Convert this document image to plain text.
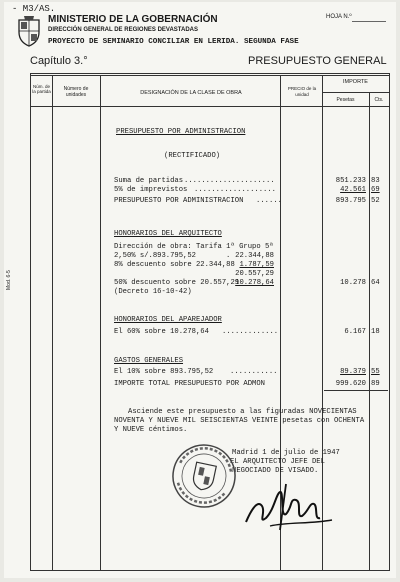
- M3/AS.
MINISTERIO DE LA GOBERNACIÓN
DIRECCIÓN GENERAL DE REGIONES DEVASTADAS
PROYECTO DE SEMINARIO CONCILIAR EN LERIDA. SEGUNDA FASE
HOJA N.º
Capítulo 3.°	PRESUPUESTO GENERAL
Núm. de la partida	Número de unidades	DESIGNACIÓN DE LA CLASE DE OBRA
PRECIO de la unidad
IMPORTE
Pesetas	Cts.
Mod. 6-5
PRESUPUESTO POR ADMINISTRACION
(RECTIFICADO)
Suma de partidas .....................	851.233 83
5% de imprevistos ...................	42.561 69
PRESUPUESTO POR ADMINISTRACION ......	893.795 52
HONORARIOS DEL ARQUITECTO
Dirección de obra: Tarifa 1ª Grupo 5ª
2,50% s/.893.795,52	. 22.344,88
8% descuento sobre 22.344,88 1.787,59
20.557,29
50% descuento sobre 20.557,29
10.278,64	10.278 64
(Decreto 16-10-42)
HONORARIOS DEL APAREJADOR
El 60% sobre 10.278,64 .............	6.167 18
GASTOS GENERALES
El 10% sobre 893.795,52 ...........	89.379 55
IMPORTE TOTAL PRESUPUESTO POR ADMON	999.620 89
Asciende este presupuesto a las figuradas NOVECIENTAS
NOVENTA Y NUEVE MIL SEISCIENTAS VEINTE pesetas con OCHENTA
Y NUEVE céntimos.
Madrid 1 de julio de 1947
EL ARQUITECTO JEFE DEL
NEGOCIADO DE VISADO.
